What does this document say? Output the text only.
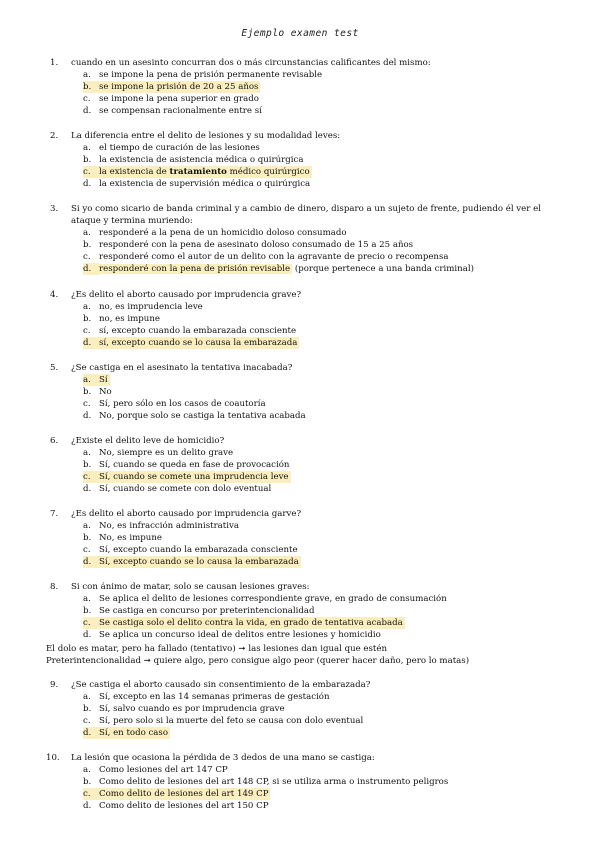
Ejemplo examen test
1.	cuando en un asesinto concurran dos o más circunstancias calificantes del mismo:
a. se impone la pena de prisión permanente revisable
b. se impone la prisión de 20 a 25 años
c. se impone la pena superior en grado
d. se compensan racionalmente entre sí
2.	La diferencia entre el delito de lesiones y su modalidad leves:
a. el tiempo de curación de las lesiones
b. la existencia de asistencia médica o quirúrgica
c. la existencia de tratamiento médico quirúrgico
d. la existencia de supervisión médica o quirúrgica
3.	Si yo como sicario de banda criminal y a cambio de dinero, disparo a un sujeto de frente, pudiendo él ver el ataque y termina muriendo:
a. responderé a la pena de un homicidio doloso consumado
b. responderé con la pena de asesinato doloso consumado de 15 a 25 años
c. responderé como el autor de un delito con la agravante de precio o recompensa
d. responderé con la pena de prisión revisable (porque pertenece a una banda criminal)
4.	¿Es delito el aborto causado por imprudencia grave?
a. no, es imprudencia leve
b. no, es impune
c. sí, excepto cuando la embarazada consciente
d. sí, excepto cuando se lo causa la embarazada
5.	¿Se castiga en el asesinato la tentativa inacabada?
a. Sí
b. No
c. Sí, pero sólo en los casos de coautoría
d. No, porque solo se castiga la tentativa acabada
6.	¿Existe el delito leve de homicidio?
a. No, siempre es un delito grave
b. Sí, cuando se queda en fase de provocación
c. Sí, cuando se comete una imprudencia leve
d. Sí, cuando se comete con dolo eventual
7.	¿Es delito el aborto causado por imprudencia garve?
a. No, es infracción administrativa
b. No, es impune
c. Sí, excepto cuando la embarazada consciente
d. Sí, excepto cuando se lo causa la embarazada
8.	Si con ánimo de matar, solo se causan lesiones graves:
a. Se aplica el delito de lesiones correspondiente grave, en grado de consumación
b. Se castiga en concurso por preterintencionalidad
c. Se castiga solo el delito contra la vida, en grado de tentativa acabada
d. Se aplica un concurso ideal de delitos entre lesiones y homicidio
El dolo es matar, pero ha fallado (tentativo) ➞ las lesiones dan igual que estén
Preterintencionalidad ➞ quiere algo, pero consigue algo peor (querer hacer daño, pero lo matas)
9.	¿Se castiga el aborto causado sin consentimiento de la embarazada?
a. Sí, excepto en las 14 semanas primeras de gestación
b. Sí, salvo cuando es por imprudencia grave
c. Sí, pero solo si la muerte del feto se causa con dolo eventual
d. Sí, en todo caso
10.	La lesión que ocasiona la pérdida de 3 dedos de una mano se castiga:
a. Como lesiones del art 147 CP
b. Como delito de lesiones del art 148 CP, si se utiliza arma o instrumento peligros
c. Como delito de lesiones del art 149 CP
d. Como delito de lesiones del art 150 CP
